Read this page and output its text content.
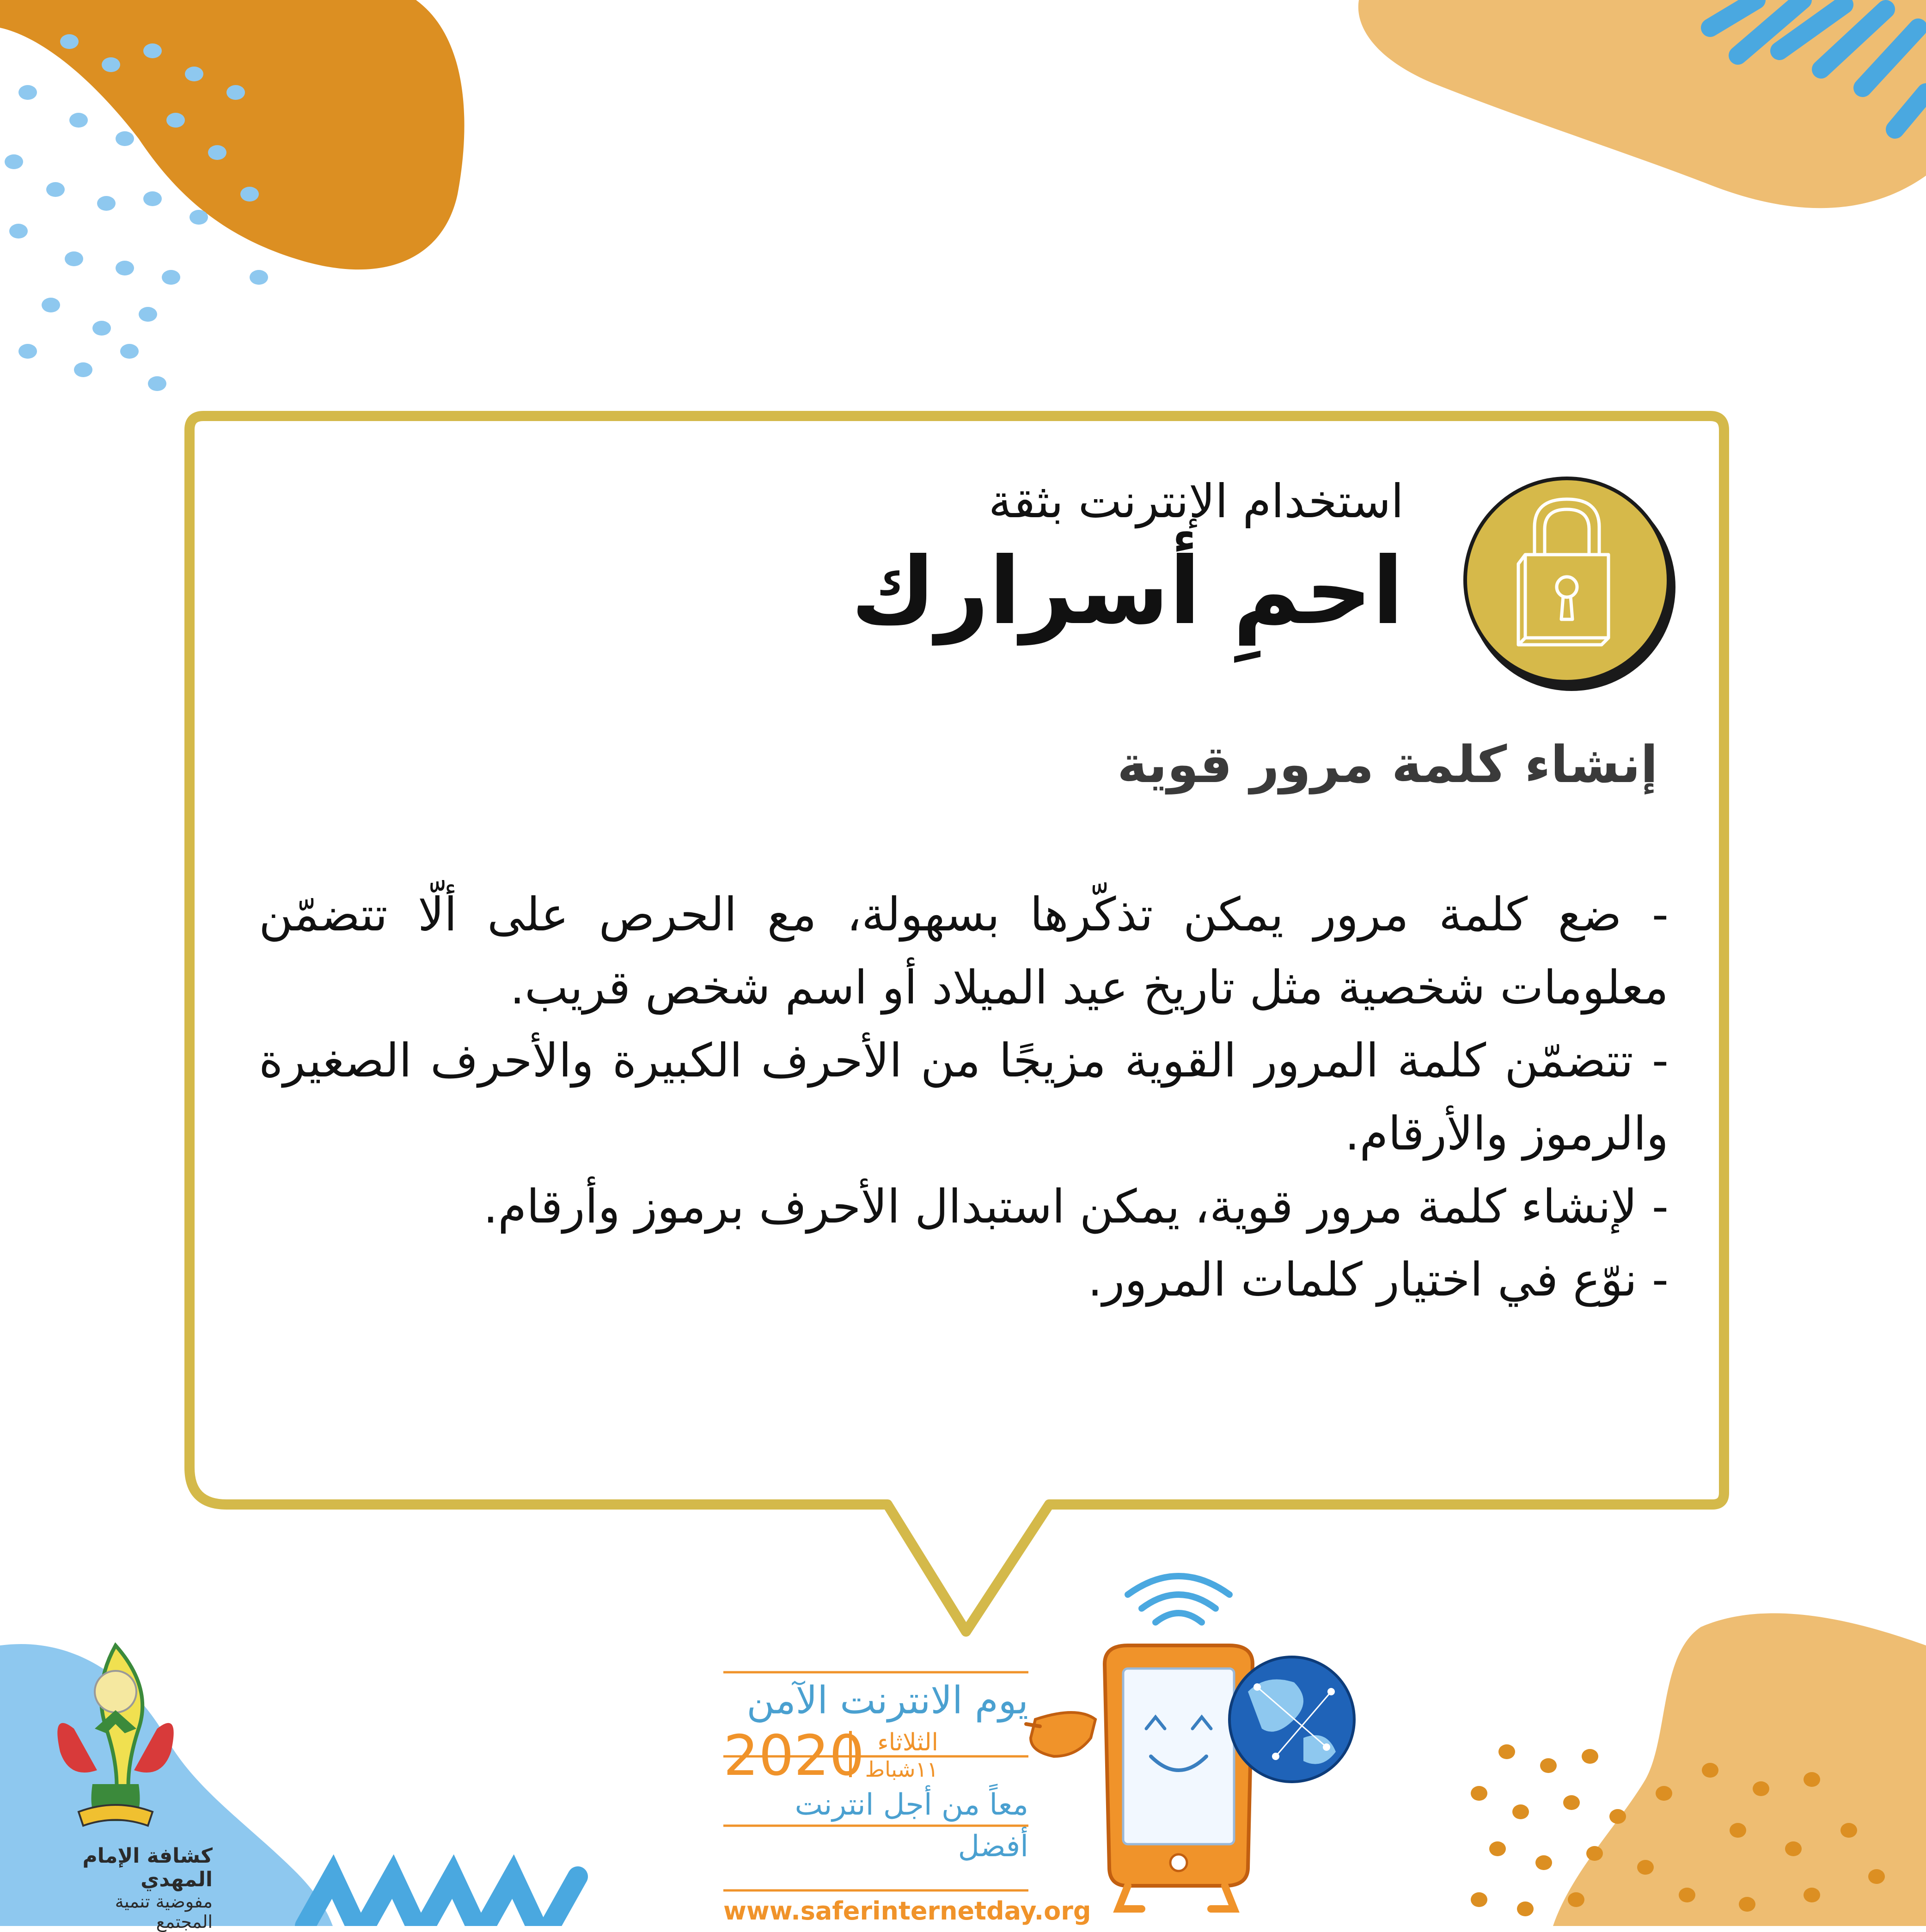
استخدام الإنترنت بثقة
احمِ أسرارك
إنشاء كلمة مرور قوية

- ضع كلمة مرور يمكن تذكّرها بسهولة، مع الحرص على ألّا تتضمّن معلومات شخصية مثل تاريخ عيد الميلاد أو اسم شخص قريب.

- تتضمّن كلمة المرور القوية مزيجًا من الأحرف الكبيرة والأحرف الصغيرة والرموز والأرقام.

- لإنشاء كلمة مرور قوية، يمكن استبدال الأحرف برموز وأرقام.

- نوّع في اختيار كلمات المرور.

يوم الانترنت الآمن
2020 الثلاثاء
١١شباط
معاً من أجل انترنت أفضل
www.saferinternetday.org
كشافة الإمام المهدي
مفوضية تنمية المجتمع
